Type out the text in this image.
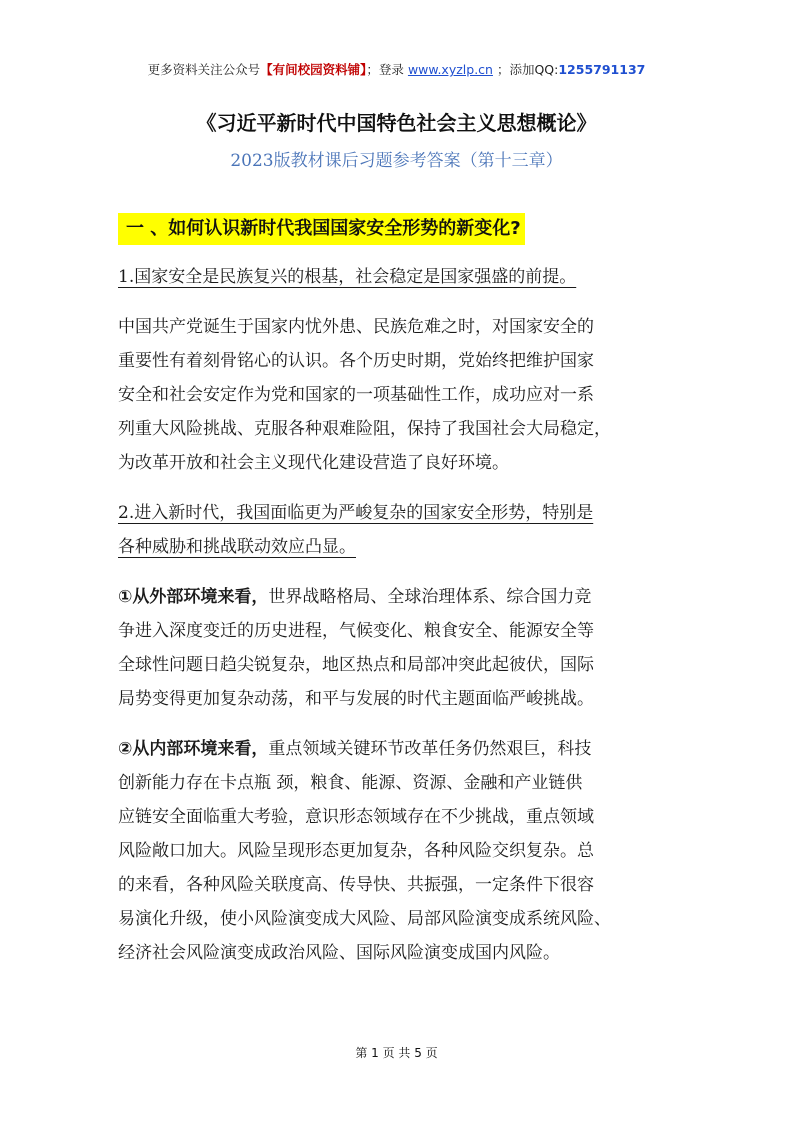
更多资料关注公众号【有间校园资料铺】；登录 www.xyzlp.cn ；添加QQ:1255791137
《习近平新时代中国特色社会主义思想概论》
2023版教材课后习题参考答案（第十三章）
一 、如何认识新时代我国国家安全形势的新变化?
1.国家安全是民族复兴的根基，社会稳定是国家强盛的前提。
中国共产党诞生于国家内忧外患、民族危难之时，对国家安全的
重要性有着刻骨铭心的认识。各个历史时期，党始终把维护国家
安全和社会安定作为党和国家的一项基础性工作，成功应对一系
列重大风险挑战、克服各种艰难险阻，保持了我国社会大局稳定，
为改革开放和社会主义现代化建设营造了良好环境。
2.进入新时代，我国面临更为严峻复杂的国家安全形势，特别是
各种威胁和挑战联动效应凸显。
①从外部环境来看，世界战略格局、全球治理体系、综合国力竞
争进入深度变迁的历史进程，气候变化、粮食安全、能源安全等
全球性问题日趋尖锐复杂，地区热点和局部冲突此起彼伏，国际
局势变得更加复杂动荡，和平与发展的时代主题面临严峻挑战。
②从内部环境来看，重点领域关键环节改革任务仍然艰巨，科技
创新能力存在卡点瓶 颈，粮食、能源、资源、金融和产业链供
应链安全面临重大考验，意识形态领域存在不少挑战，重点领域
风险敞口加大。风险呈现形态更加复杂，各种风险交织复杂。总
的来看，各种风险关联度高、传导快、共振强，一定条件下很容
易演化升级，使小风险演变成大风险、局部风险演变成系统风险、
经济社会风险演变成政治风险、国际风险演变成国内风险。
第 1 页 共 5 页
